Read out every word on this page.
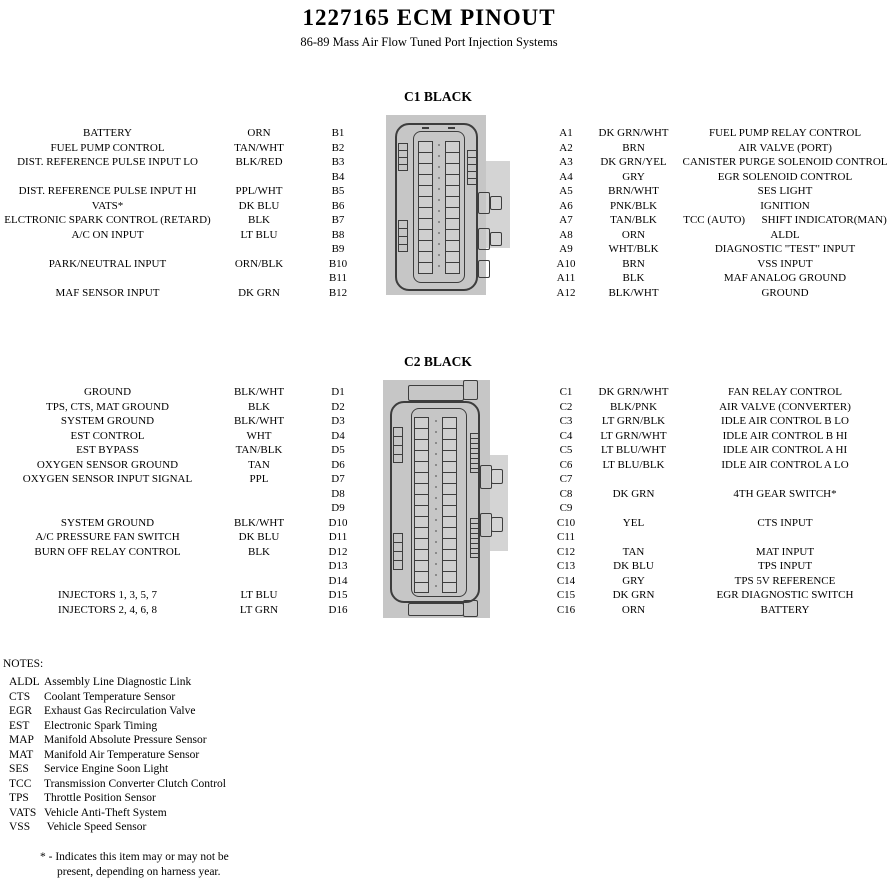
1227165 ECM PINOUT
86-89 Mass Air Flow Tuned Port Injection Systems
C1 BLACK
BATTERY	ORN	B1	A1	DK GRN/WHT	FUEL PUMP RELAY CONTROL
FUEL PUMP CONTROL	TAN/WHT	B2	A2	BRN	AIR VALVE (PORT)
DIST. REFERENCE PULSE INPUT LO	BLK/RED	B3	A3	DK GRN/YEL	CANISTER PURGE SOLENOID CONTROL
B4	A4	GRY	EGR SOLENOID CONTROL
DIST. REFERENCE PULSE INPUT HI	PPL/WHT	B5	A5	BRN/WHT	SES LIGHT
VATS*	DK BLU	B6	A6	PNK/BLK	IGNITION
ELCTRONIC SPARK CONTROL (RETARD)	BLK	B7	A7	TAN/BLK	TCC (AUTO)      SHIFT INDICATOR(MAN)
A/C ON INPUT	LT BLU	B8	A8	ORN	ALDL
B9	A9	WHT/BLK	DIAGNOSTIC "TEST" INPUT
PARK/NEUTRAL INPUT	ORN/BLK	B10	A10	BRN	VSS INPUT
B11	A11	BLK	MAF ANALOG GROUND
MAF SENSOR INPUT	DK GRN	B12	A12	BLK/WHT	GROUND
C2 BLACK
GROUND	BLK/WHT	D1	C1	DK GRN/WHT	FAN RELAY CONTROL
TPS, CTS, MAT GROUND	BLK	D2	C2	BLK/PNK	AIR VALVE (CONVERTER)
SYSTEM GROUND	BLK/WHT	D3	C3	LT GRN/BLK	IDLE AIR CONTROL B LO
EST CONTROL	WHT	D4	C4	LT GRN/WHT	IDLE AIR CONTROL B HI
EST BYPASS	TAN/BLK	D5	C5	LT BLU/WHT	IDLE AIR CONTROL A HI
OXYGEN SENSOR GROUND	TAN	D6	C6	LT BLU/BLK	IDLE AIR CONTROL A LO
OXYGEN SENSOR INPUT SIGNAL	PPL	D7	C7
D8	C8	DK GRN	4TH GEAR SWITCH*
D9	C9
SYSTEM GROUND	BLK/WHT	D10	C10	YEL	CTS INPUT
A/C PRESSURE FAN SWITCH	DK BLU	D11	C11
BURN OFF RELAY CONTROL	BLK	D12	C12	TAN	MAT INPUT
D13	C13	DK BLU	TPS INPUT
D14	C14	GRY	TPS 5V REFERENCE
INJECTORS 1, 3, 5, 7	LT BLU	D15	C15	DK GRN	EGR DIAGNOSTIC SWITCH
INJECTORS 2, 4, 6, 8	LT GRN	D16	C16	ORN	BATTERY
NOTES:
ALDL Assembly Line Diagnostic Link
CTS Coolant Temperature Sensor
EGR Exhaust Gas Recirculation Valve
EST Electronic Spark Timing
MAP Manifold Absolute Pressure Sensor
MAT Manifold Air Temperature Sensor
SES Service Engine Soon Light
TCC Transmission Converter Clutch Control
TPS Throttle Position Sensor
VATS Vehicle Anti-Theft System
VSS Vehicle Speed Sensor
* - Indicates this item may or may not be
present, depending on harness year.
